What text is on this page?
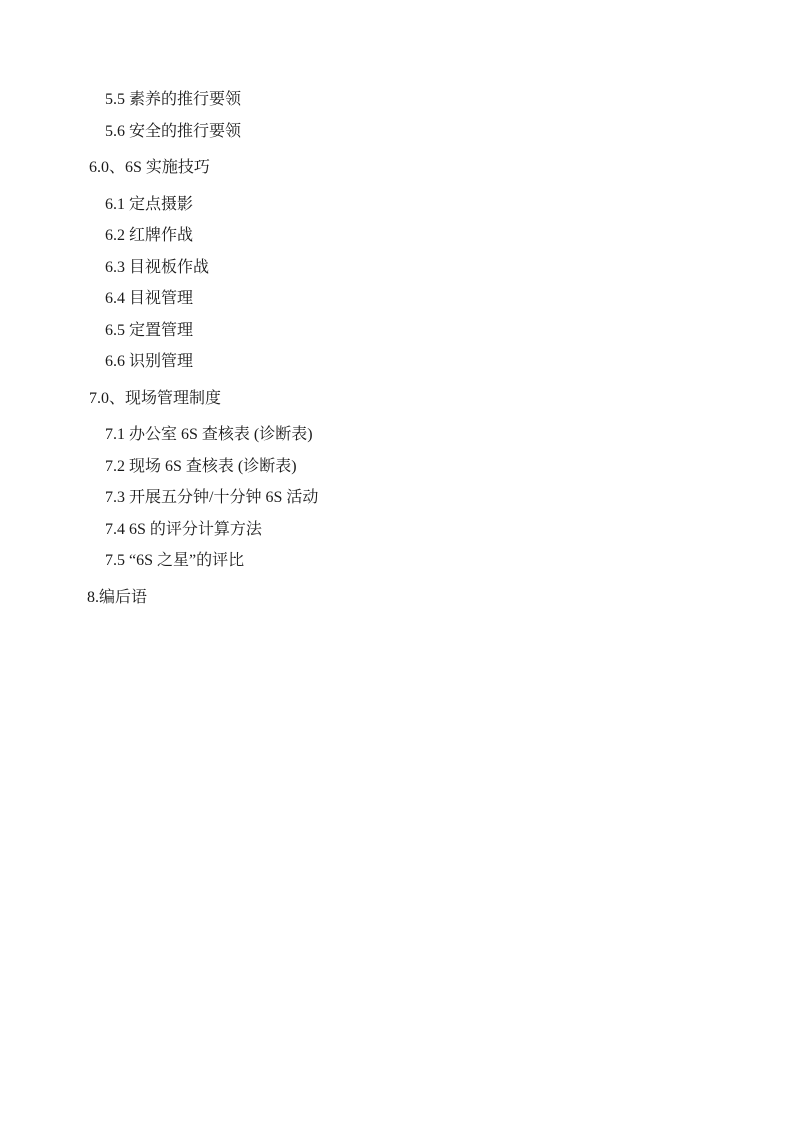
5.5 素养的推行要领
5.6 安全的推行要领
6.0、6S 实施技巧
6.1 定点摄影
6.2 红牌作战
6.3 目视板作战
6.4 目视管理
6.5 定置管理
6.6 识别管理
7.0、现场管理制度
7.1 办公室 6S 查核表 (诊断表)
7.2 现场 6S 查核表 (诊断表)
7.3 开展五分钟/十分钟 6S 活动
7.4 6S 的评分计算方法
7.5 “6S 之星”的评比
8.编后语
